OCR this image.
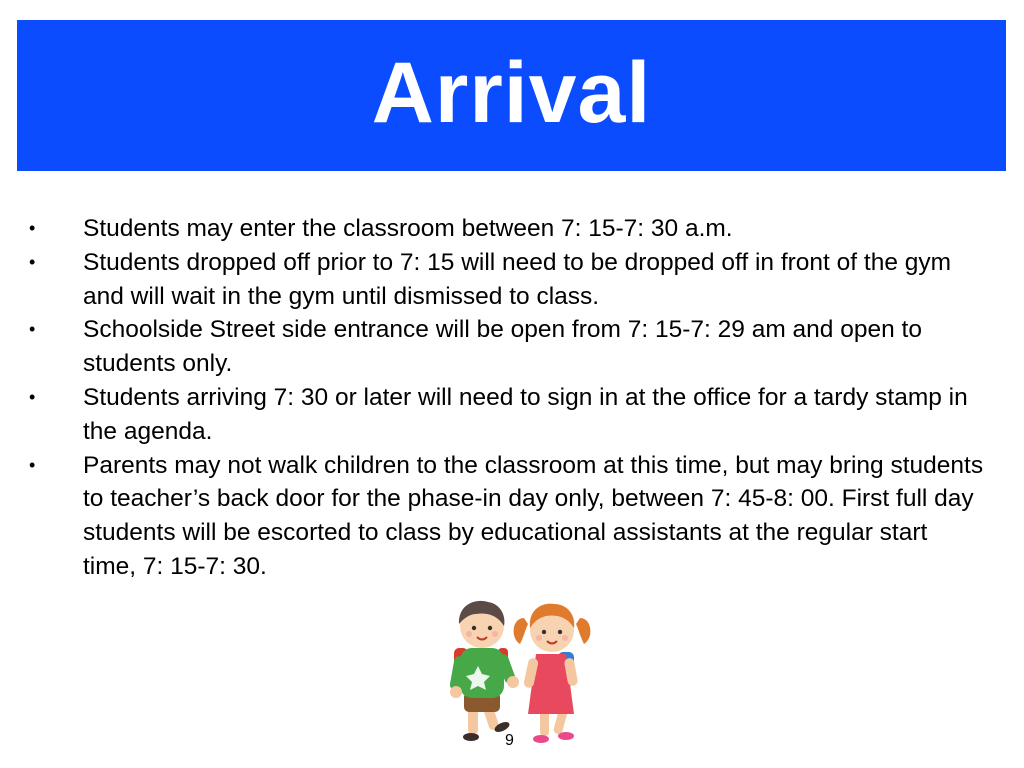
Arrival
• Students may enter the classroom between 7: 15-7: 30 a.m.
• Students dropped off prior to 7: 15 will need to be dropped off in front of the gym and will wait in the gym until dismissed to class.
• Schoolside Street side entrance will be open from 7: 15-7: 29 am and open to students only.
• Students arriving 7: 30 or later will need to sign in at the office for a tardy stamp in the agenda.
• Parents may not walk children to the classroom at this time, but may bring students to teacher’s back door for the phase-in day only, between 7: 45-8: 00. First full day students will be escorted to class by educational assistants at the regular start time, 7: 15-7: 30.
9
